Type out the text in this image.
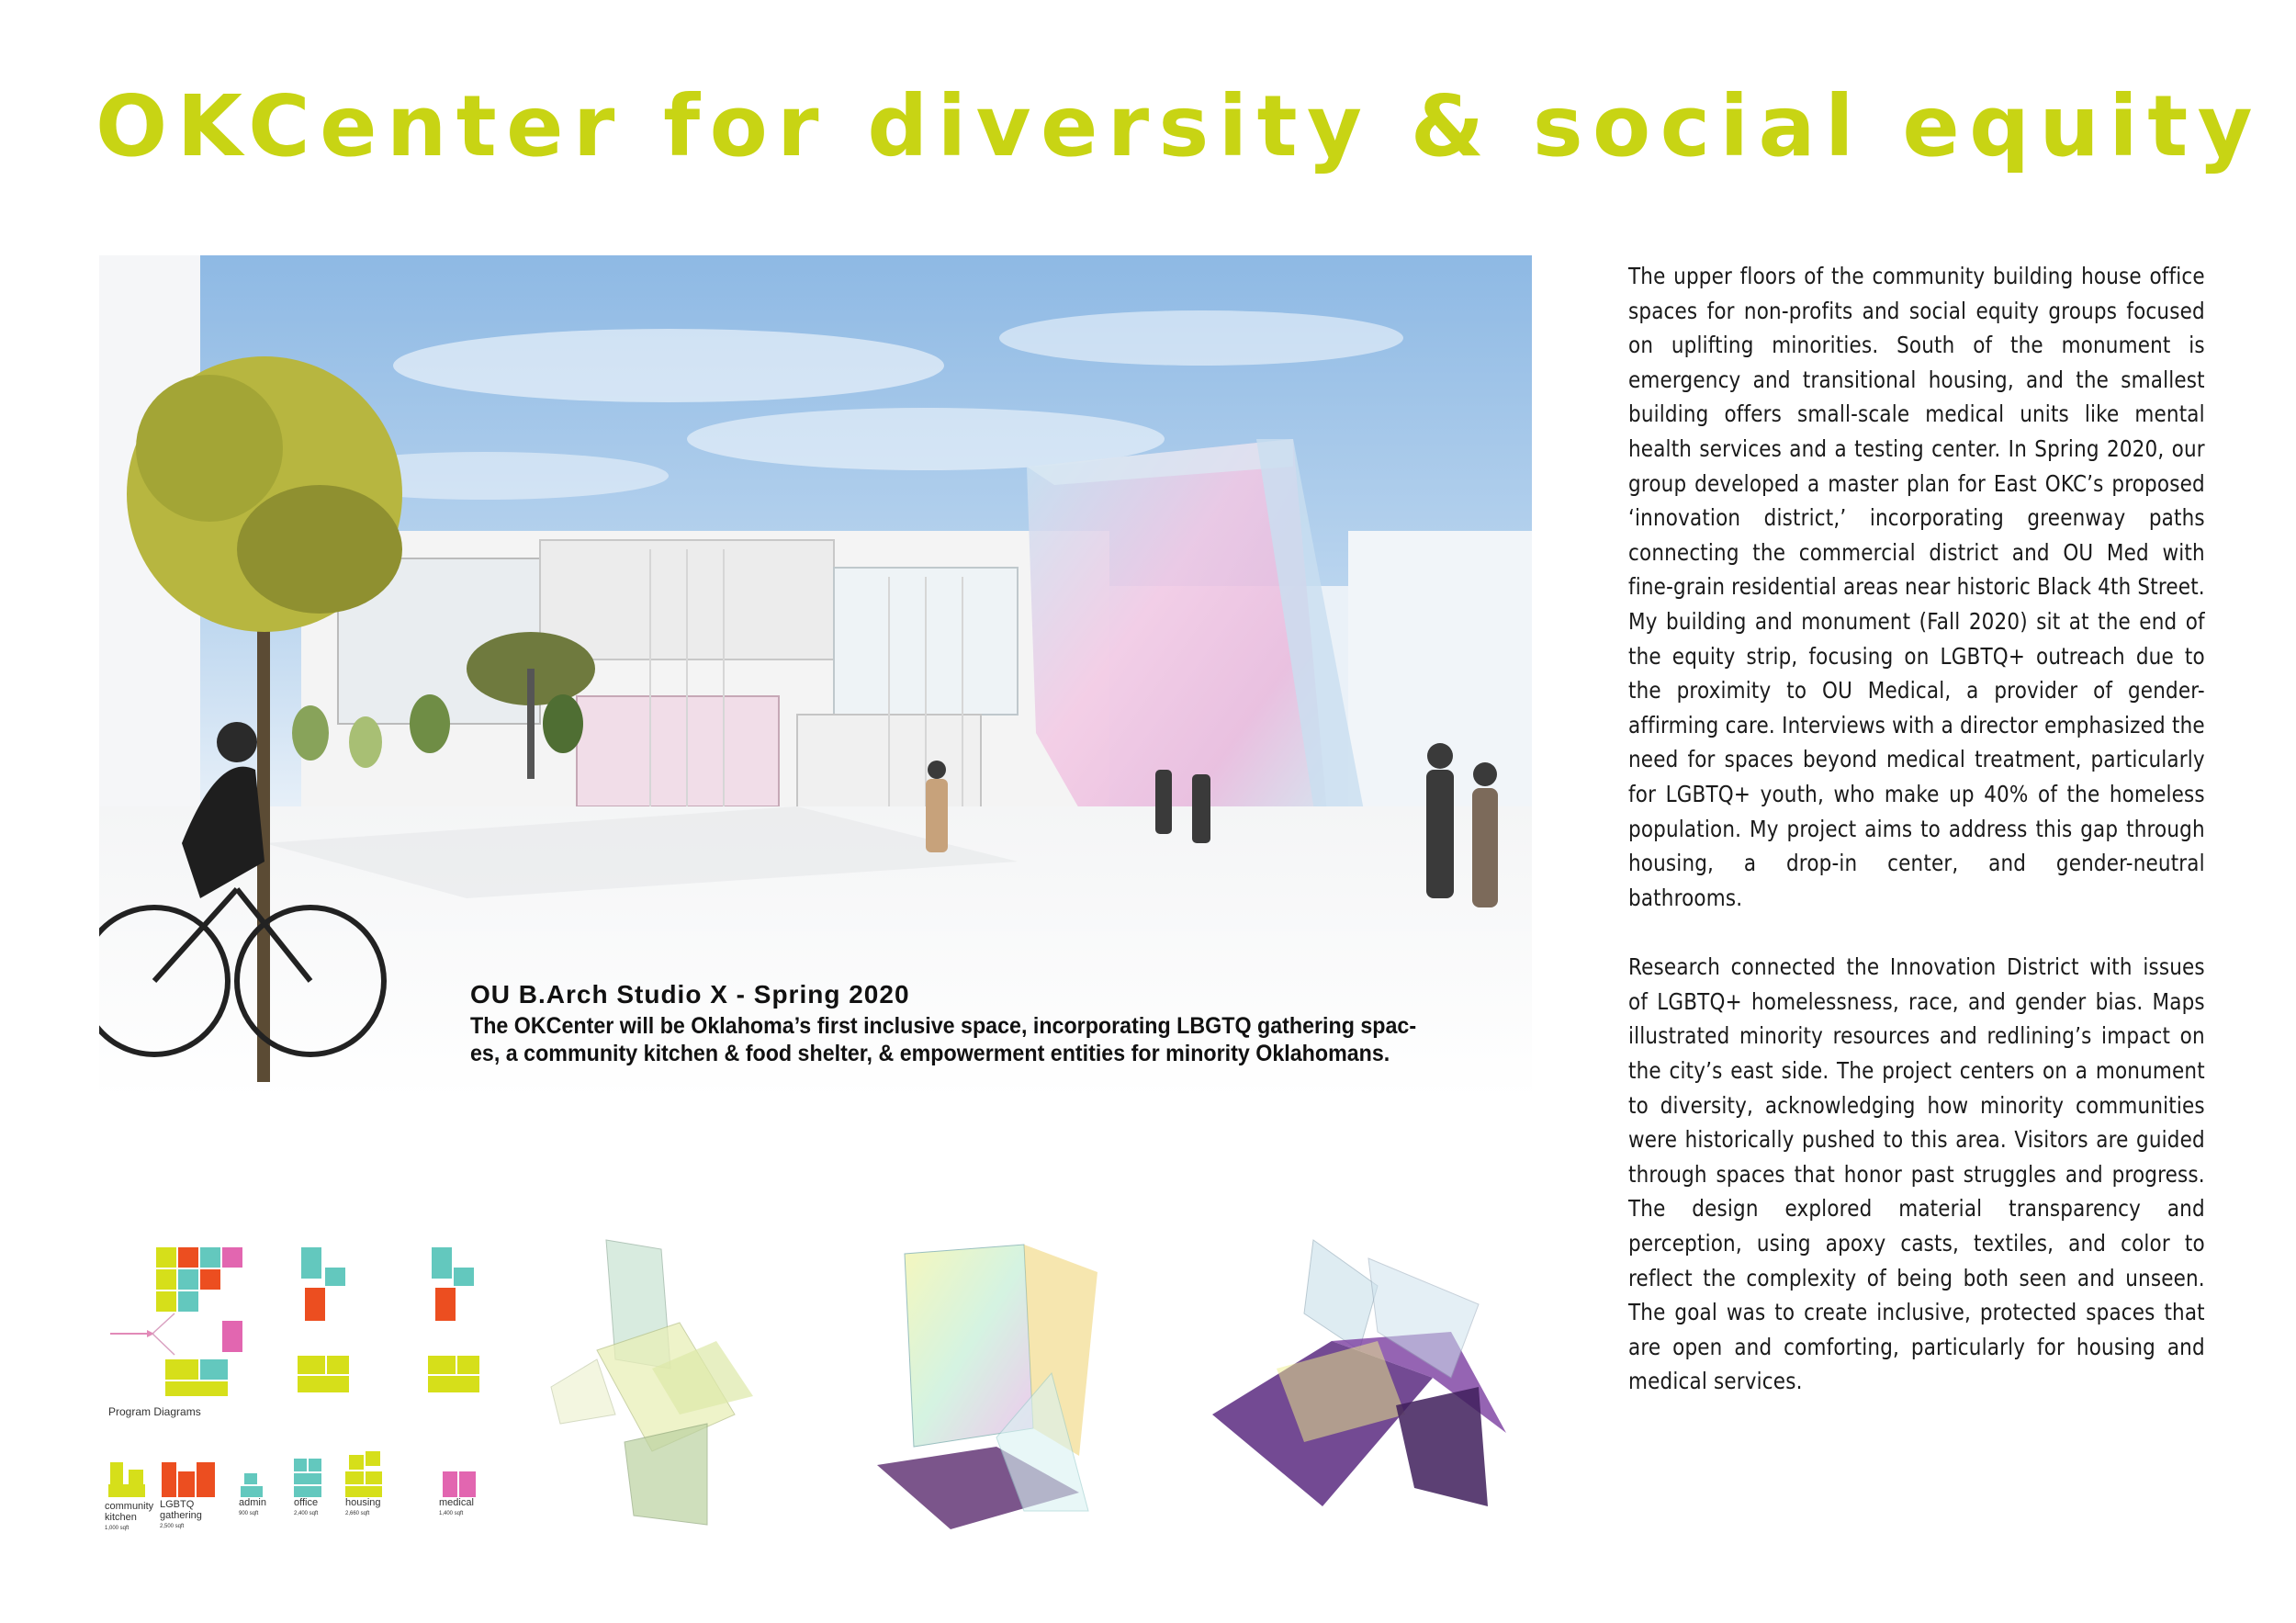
OKCenter for diversity & social equity
OU B.Arch Studio X - Spring 2020
The OKCenter will be Oklahoma’s first inclusive space, incorporating LBGTQ gathering spac-
es, a community kitchen & food shelter, & empowerment entities for minority Oklahomans.

The upper floors of the community building house office spaces for non-profits and social equity groups focused on uplifting minorities. South of the monument is emergency and transitional housing, and the smallest building offers small-scale medical units like mental health services and a testing center. In Spring 2020, our group developed a master plan for East OKC’s proposed ‘innovation district,’ incorporating greenway paths connecting the commercial district and OU Med with fine-grain residential areas near historic Black 4th Street. My building and monument (Fall 2020) sit at the end of the equity strip, focusing on LGBTQ+ outreach due to the proximity to OU Medical, a provider of gender-affirming care. Interviews with a director emphasized the need for spaces beyond medical treatment, particularly for LGBTQ+ youth, who make up 40% of the homeless population. My project aims to address this gap through housing, a drop-in center, and gender-neutral bathrooms.

Research connected the Innovation District with issues of LGBTQ+ homelessness, race, and gender bias. Maps illustrated minority resources and redlining’s impact on the city’s east side. The project centers on a monument to diversity, acknowledging how minority communities were historically pushed to this area. Visitors are guided through spaces that honor past struggles and progress. The design explored material transparency and perception, using apoxy casts, textiles, and color to reflect the complexity of being both seen and unseen. The goal was to create inclusive, protected spaces that are open and comforting, particularly for housing and medical services.

Program Diagrams
community
kitchen
1,000 sqft
LGBTQ
gathering
2,500 sqft
admin
900 sqft
office
2,400 sqft
housing
2,660 sqft
medical
1,400 sqft
